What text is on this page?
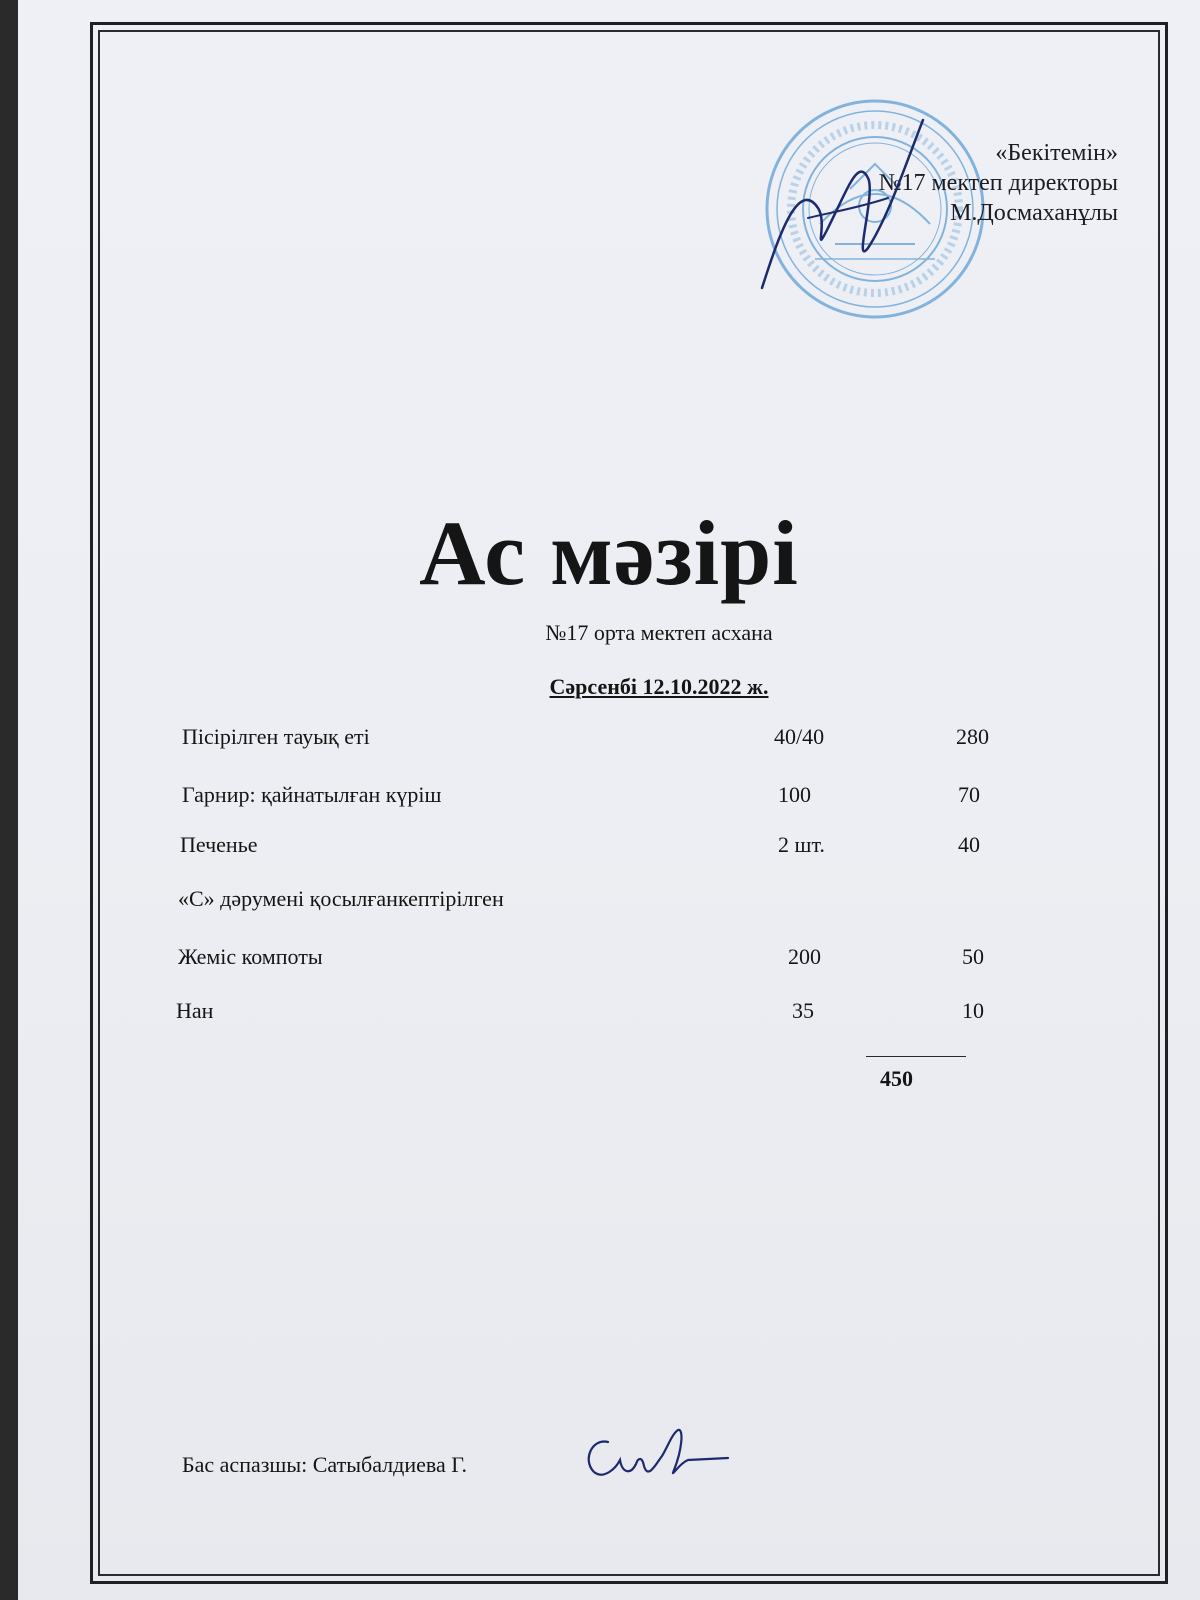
«Бекітемін»
№17 мектеп директоры
М.Досмаханұлы
Ас мәзірі
№17 орта мектеп асхана
Сәрсенбі 12.10.2022 ж.
Пісірілген тауық еті	40/40	280
Гарнир: қайнатылған күріш	100	70
Печенье	2 шт.	40
«С» дәрумені қосылғанкептірілген
Жеміс компоты	200	50
Нан	35	10
450
Бас аспазшы: Сатыбалдиева Г.
